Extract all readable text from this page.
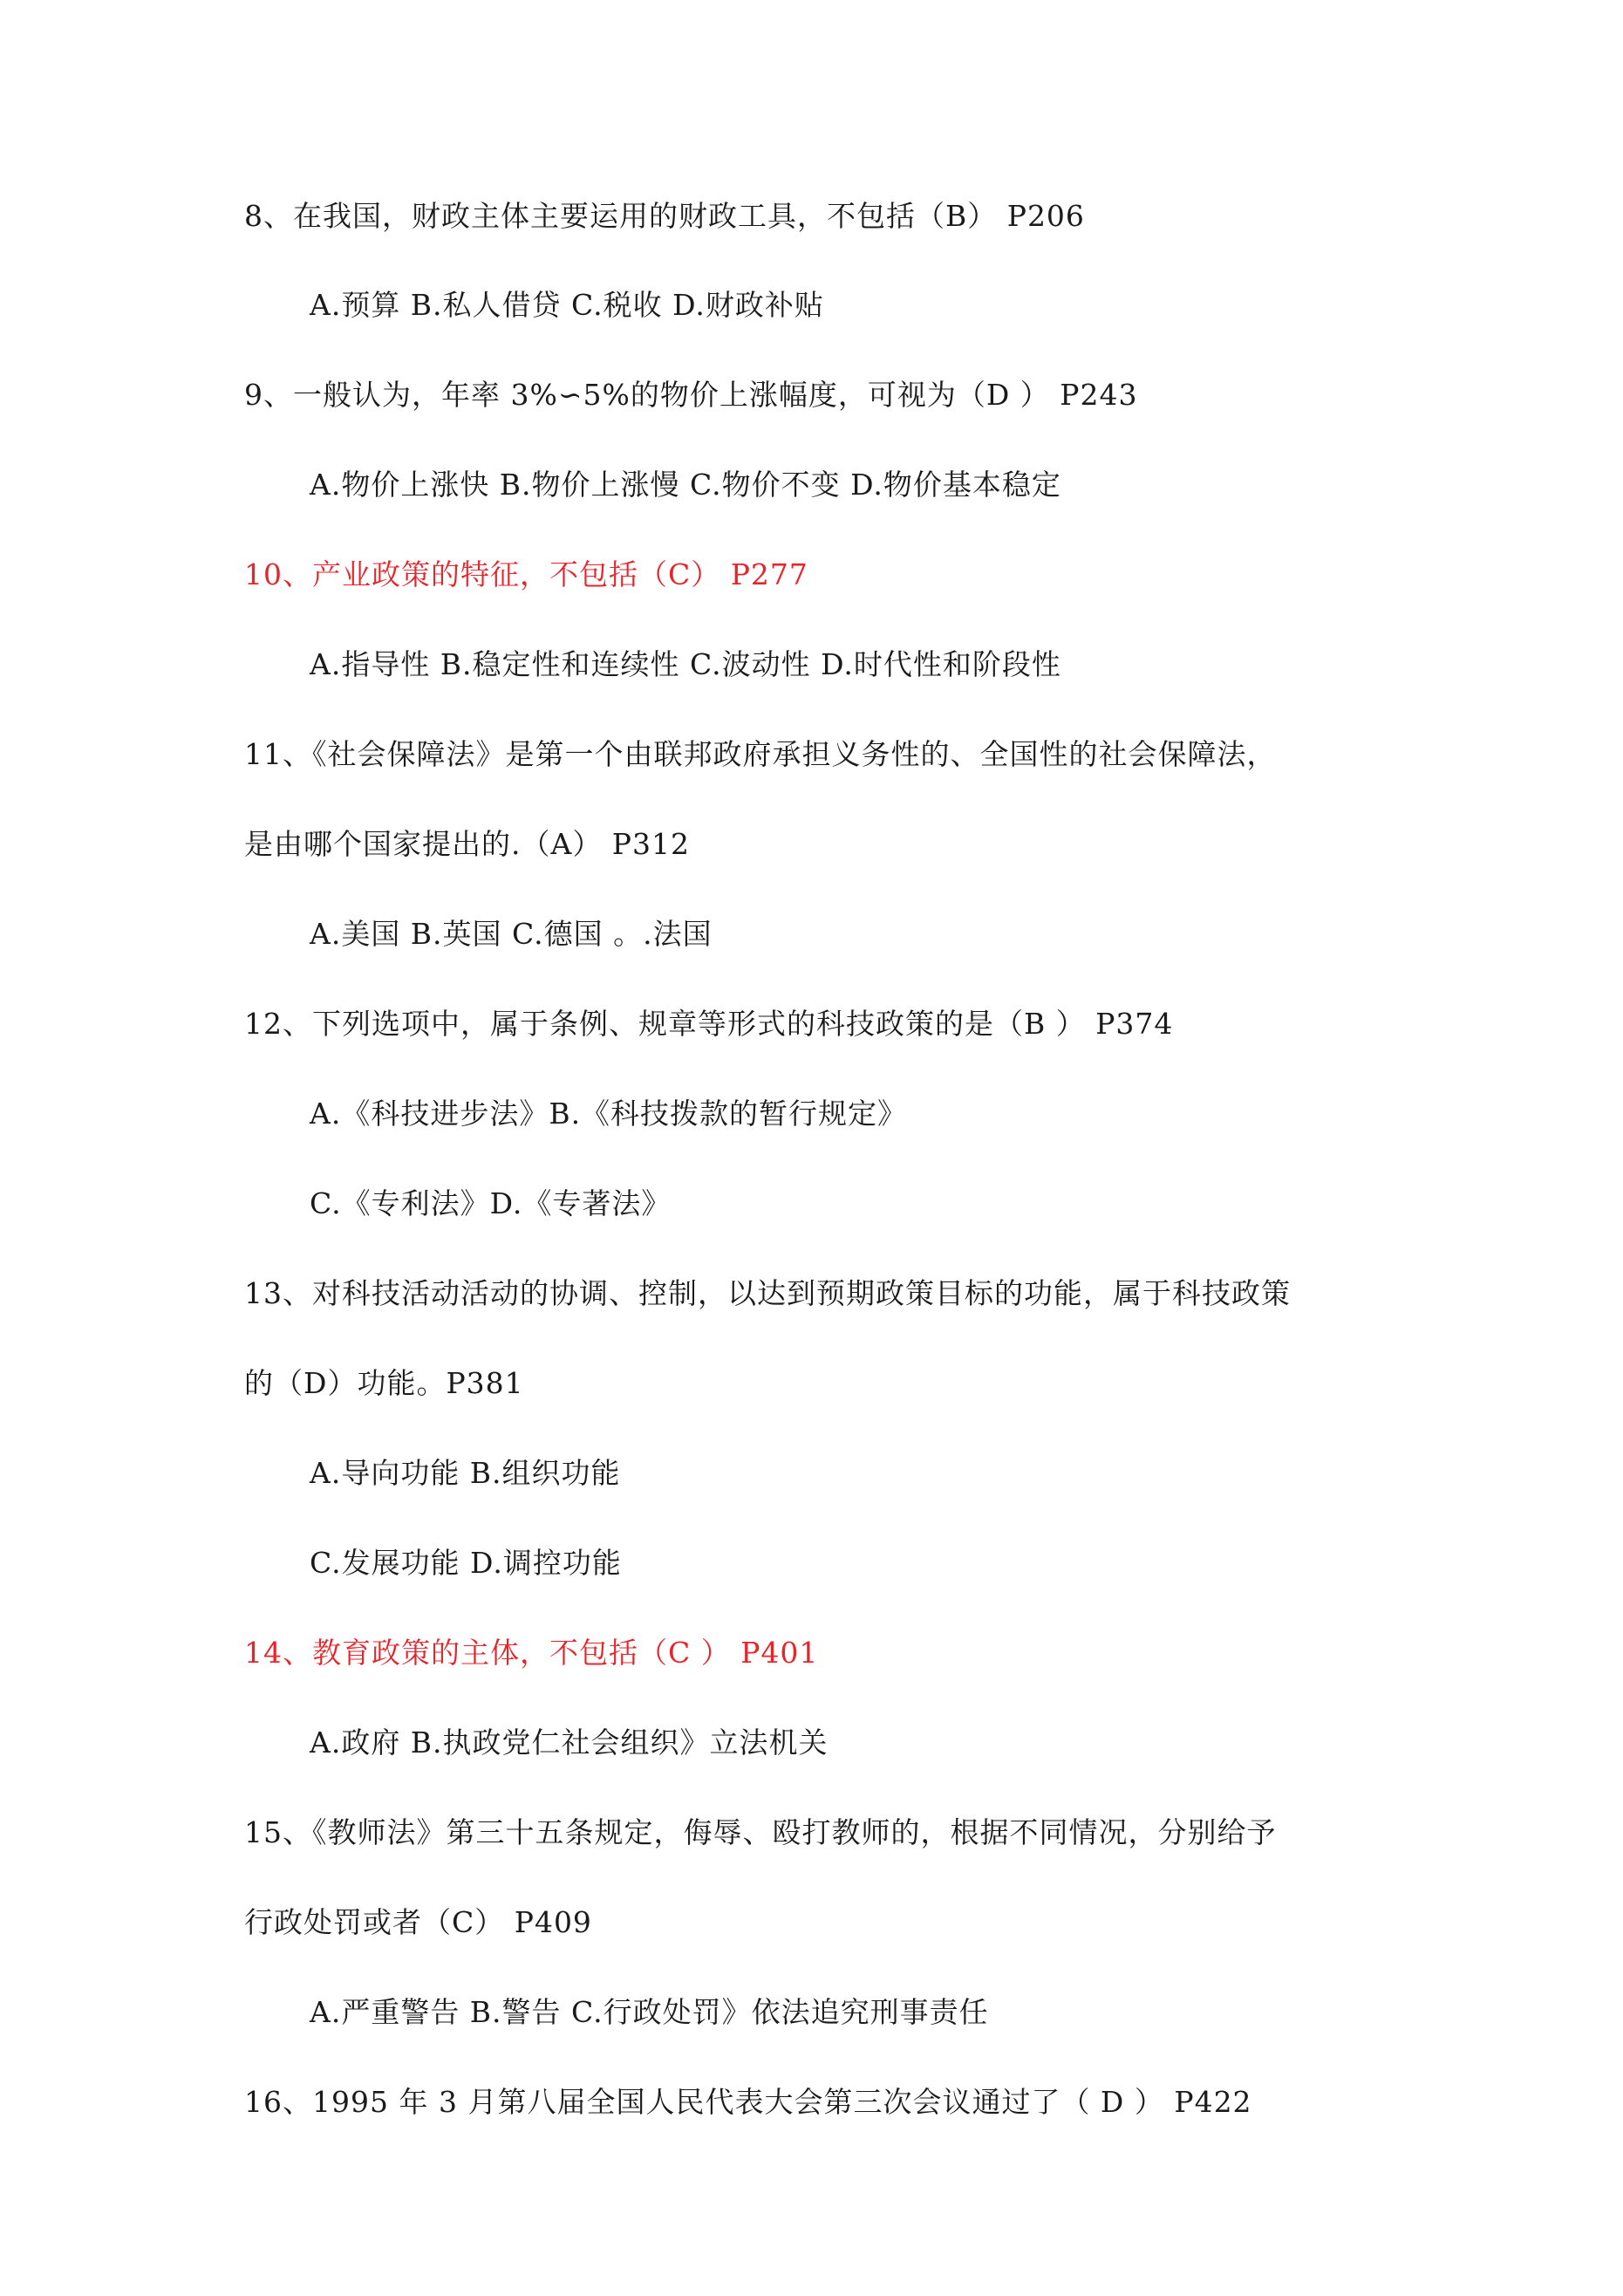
8、在我国，财政主体主要运用的财政工具，不包括（B） P206
A.预算 B.私人借贷 C.税收 D.财政补贴
9、一般认为，年率 3%∽5%的物价上涨幅度，可视为（D ） P243
A.物价上涨快 B.物价上涨慢 C.物价不变 D.物价基本稳定
10、产业政策的特征，不包括（C） P277
A.指导性 B.稳定性和连续性 C.波动性 D.时代性和阶段性
11、《社会保障法》是第一个由联邦政府承担义务性的、全国性的社会保障法，
是由哪个国家提出的.（A） P312
A.美国 B.英国 C.德国 。.法国
12、下列选项中，属于条例、规章等形式的科技政策的是（B ） P374
A.《科技进步法》B.《科技拨款的暂行规定》
C.《专利法》D.《专著法》
13、对科技活动活动的协调、控制，以达到预期政策目标的功能，属于科技政策
的（D）功能。P381
A.导向功能 B.组织功能
C.发展功能 D.调控功能
14、教育政策的主体，不包括（C ） P401
A.政府 B.执政党仁社会组织》立法机关
15、《教师法》第三十五条规定，侮辱、殴打教师的，根据不同情况，分别给予
行政处罚或者（C） P409
A.严重警告 B.警告 C.行政处罚》依法追究刑事责任
16、1995 年 3 月第八届全国人民代表大会第三次会议通过了（ D ） P422
